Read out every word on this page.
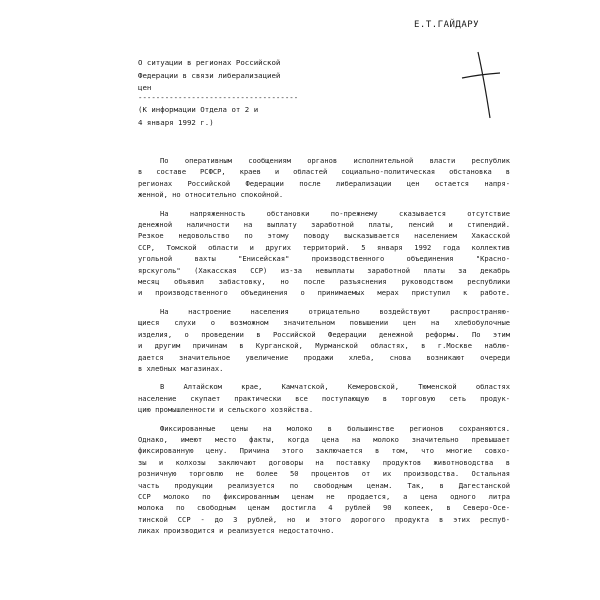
Е.Т.ГАЙДАРУ
О ситуации в регионах Российской
Федерации в связи либерализацией
цен
------------------------------------
(К информации Отдела от 2 и
4 января 1992 г.)
По оперативным сообщениям органов исполнительной власти республик
в составе РСФСР, краев и областей социально-политическая обстановка в
регионах Российской Федерации после либерализации цен остается напря-
женной, но относительно спокойной.
На напряженность обстановки по-прежнему сказывается отсутствие
денежной наличности на выплату заработной платы, пенсий и стипендий.
Резкое недовольство по этому поводу высказывается населением Хакасской
ССР, Томской области и других территорий. 5 января 1992 года коллектив
угольной вахты "Енисейская" производственного объединения "Красно-
ярскуголь" (Хакасская ССР) из-за невыплаты заработной платы за декабрь
месяц объявил забастовку, но после разъяснения руководством республики
и производственного объединения о принимаемых мерах приступил к работе.
На настроение населения отрицательно воздействуют распространяю-
щиеся слухи о возможном значительном повышении цен на хлебобулочные
изделия, о проведении в Российской Федерации денежной реформы. По этим
и другим причинам в Курганской, Мурманской областях, в г.Москве наблю-
дается значительное увеличение продажи хлеба, снова возникают очереди
в хлебных магазинах.
В Алтайском крае, Камчатской, Кемеровской, Тюменской областях
население скупает практически все поступающую в торговую сеть продук-
цию промышленности и сельского хозяйства.
Фиксированные цены на молоко в большинстве регионов сохраняются.
Однако, имеют место факты, когда цена на молоко значительно превышает
фиксированную цену. Причина этого заключается в том, что многие совхо-
зы и колхозы заключают договоры на поставку продуктов животноводства в
розничную торговлю не более 50 процентов от их производства. Остальная
часть продукции реализуется по свободным ценам. Так, в Дагестанской
ССР молоко по фиксированным ценам не продается, а цена одного литра
молока по свободным ценам достигла 4 рублей 90 копеек, в Северо-Осе-
тинской ССР - до 3 рублей, но и этого дорогого продукта в этих респуб-
ликах производится и реализуется недостаточно.
